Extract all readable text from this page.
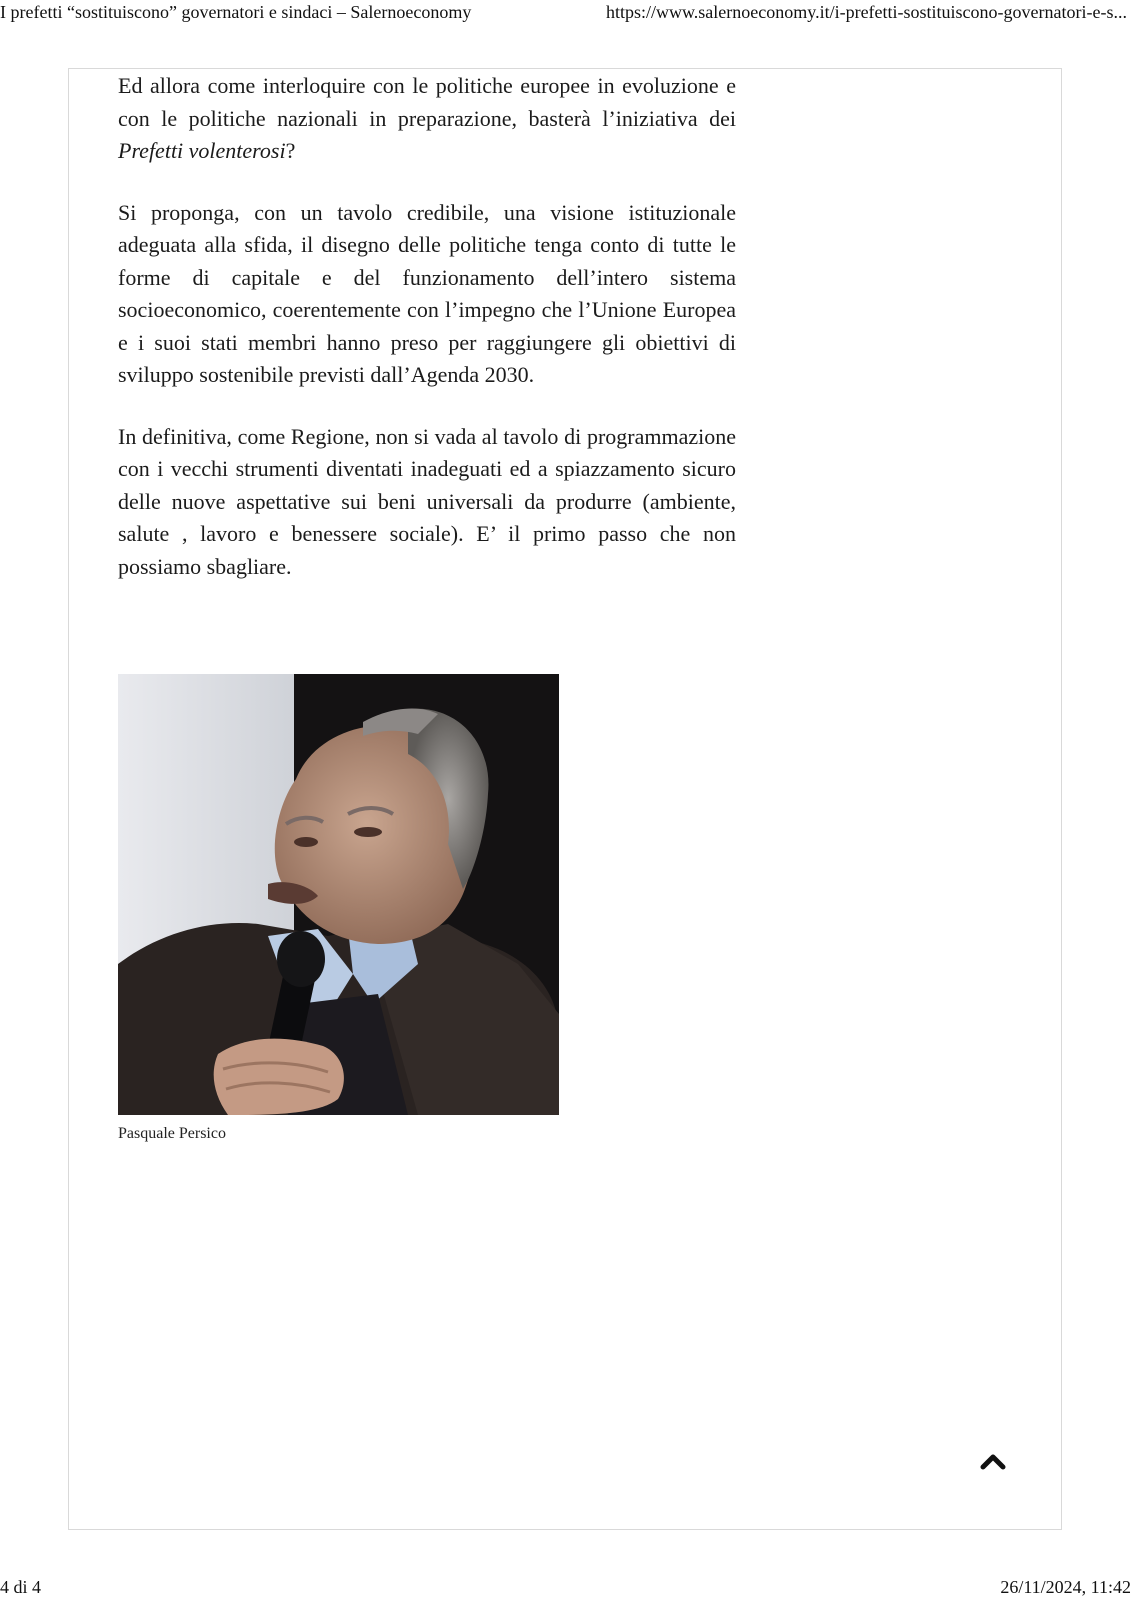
I prefetti “sostituiscono” governatori e sindaci – Salernoeconomy	https://www.salernoeconomy.it/i-prefetti-sostituiscono-governatori-e-s...

Ed allora come interloquire con le politiche europee in evoluzione e con le politiche nazionali in preparazione, basterà l’iniziativa dei Prefetti volenterosi?

Si proponga, con un tavolo credibile, una visione istituzionale adeguata alla sfida, il disegno delle politiche tenga conto di tutte le forme di capitale e del funzionamento dell’intero sistema socioeconomico, coerentemente con l’impegno che l’Unione Europea e i suoi stati membri hanno preso per raggiungere gli obiettivi di sviluppo sostenibile previsti dall’Agenda 2030.

In definitiva, come Regione, non si vada al tavolo di programmazione con i vecchi strumenti diventati inadeguati ed a spiazzamento sicuro delle nuove aspettative sui beni universali da produrre (ambiente, salute , lavoro e benessere sociale). E’ il primo passo che non possiamo sbagliare.

Pasquale Persico
4 di 4	26/11/2024, 11:42
